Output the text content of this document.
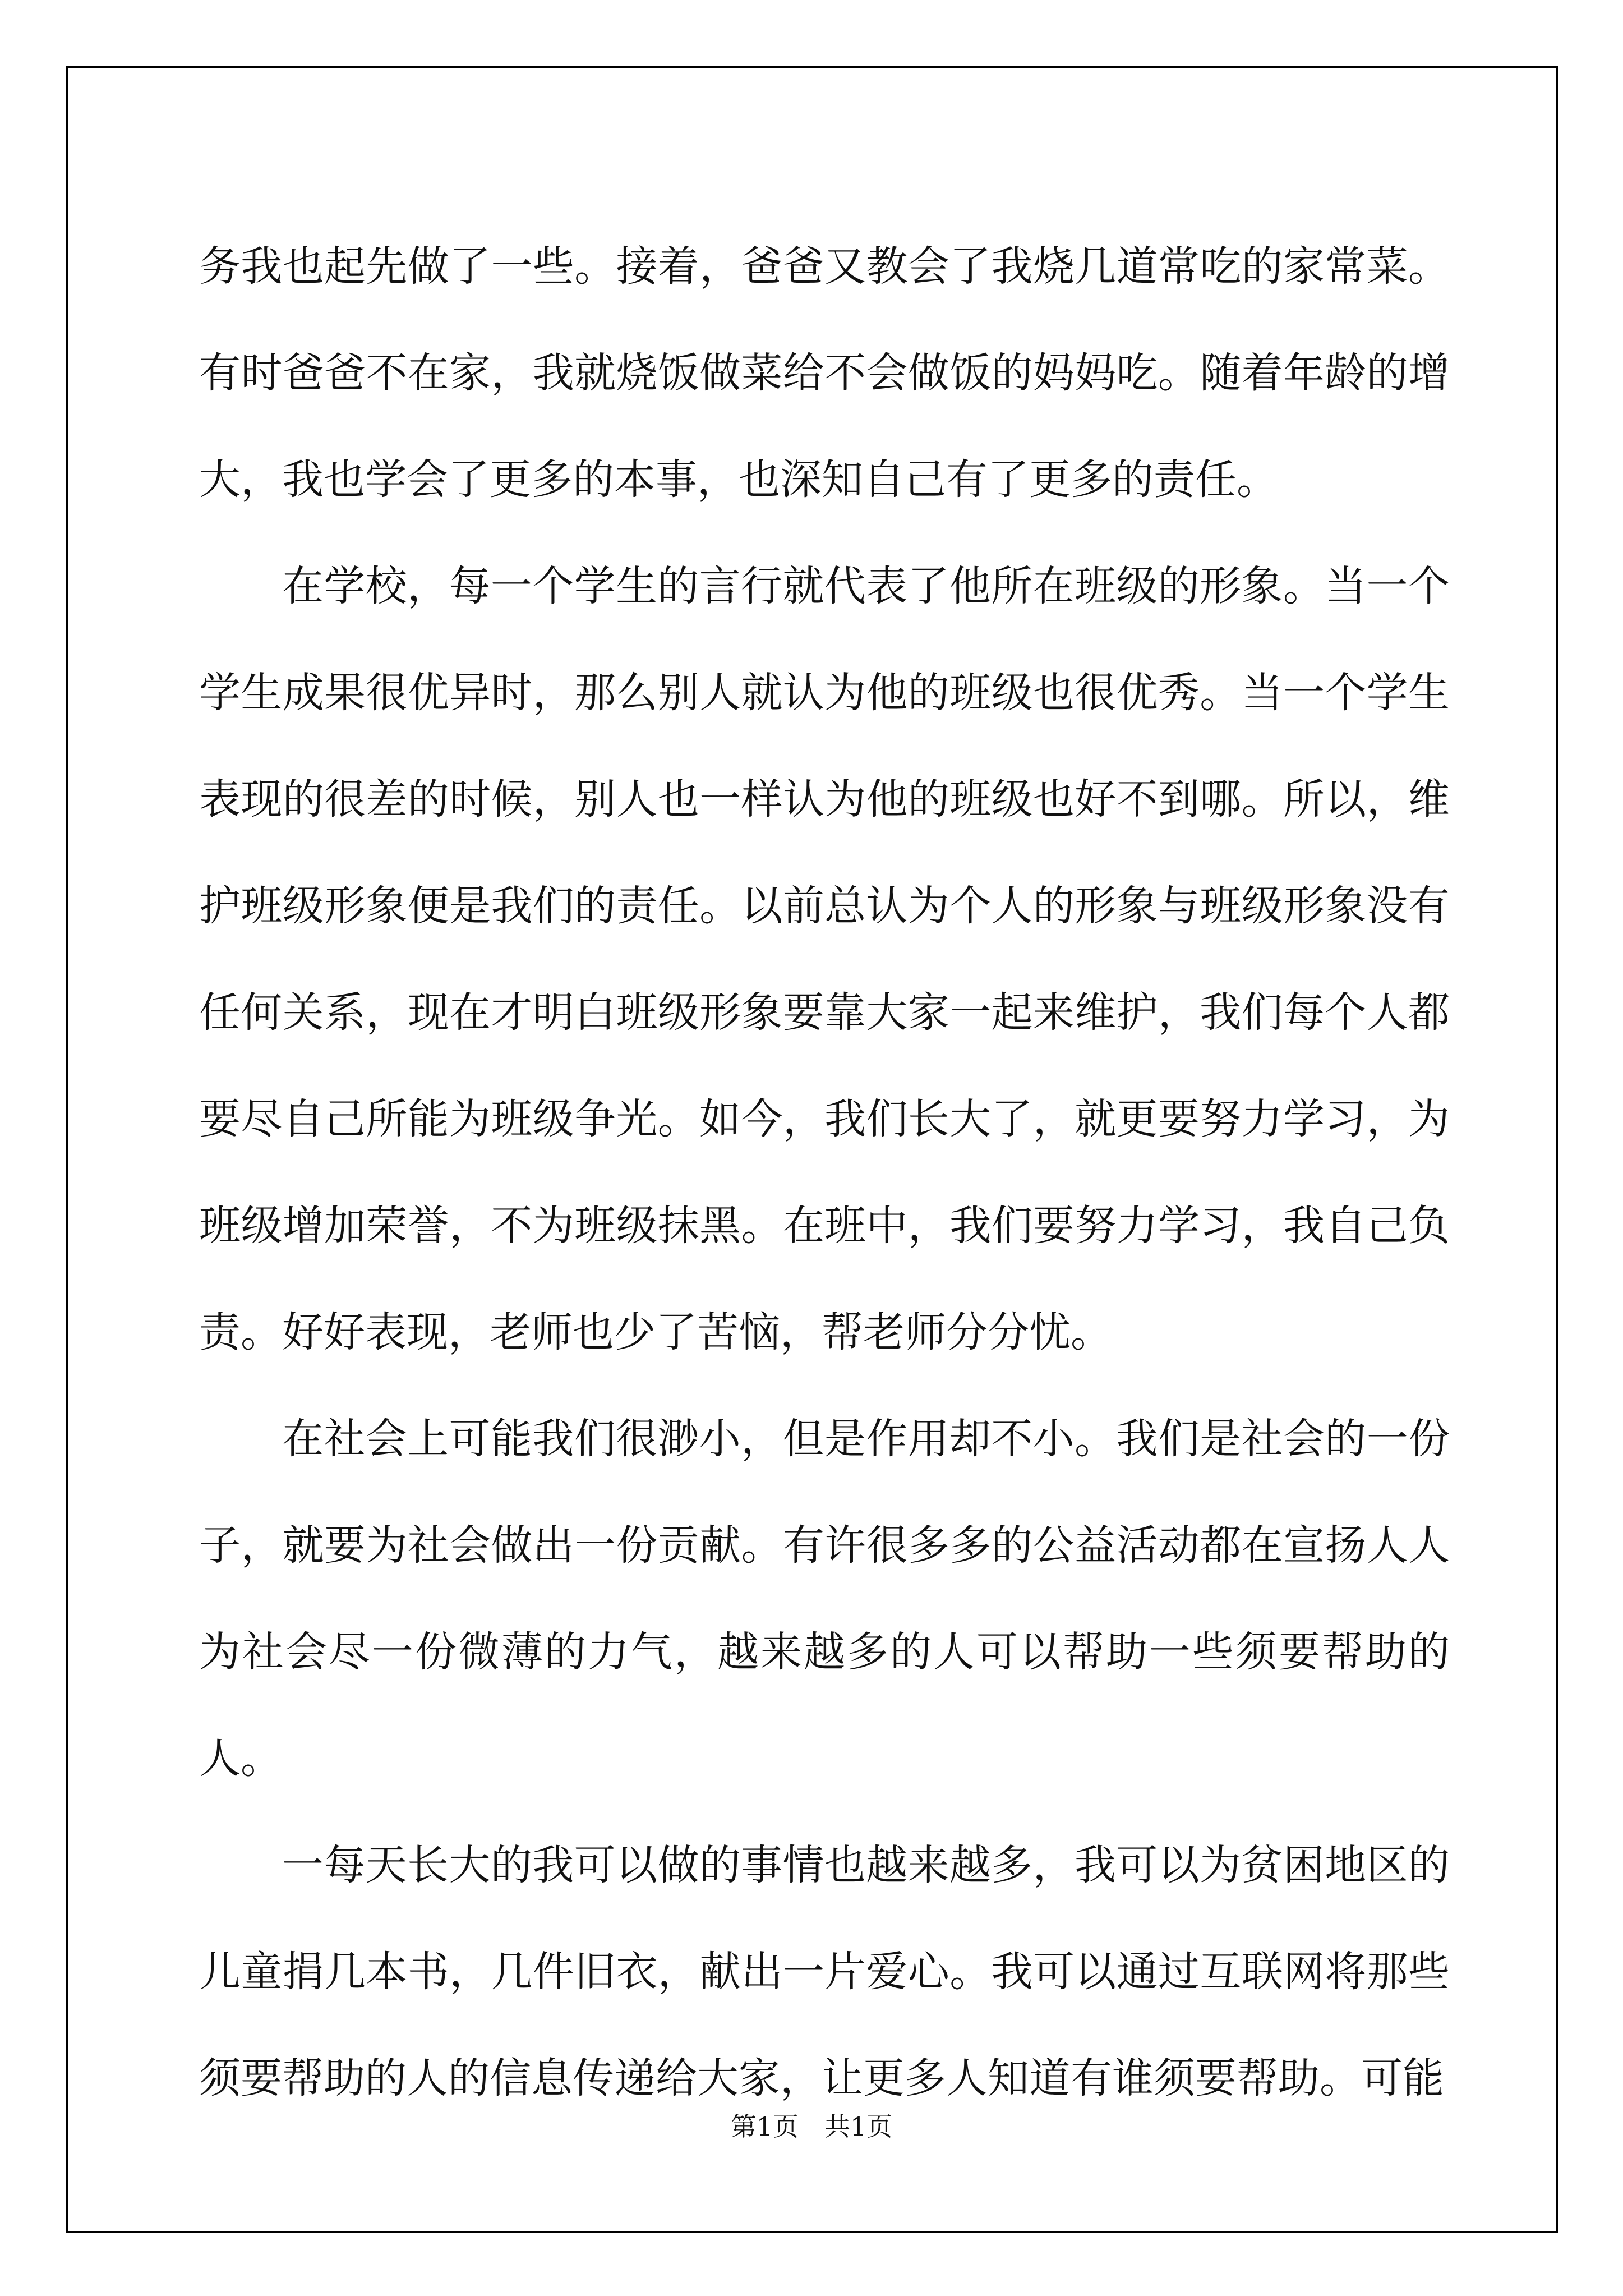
务我也起先做了一些。接着，爸爸又教会了我烧几道常吃的家常菜。有时爸爸不在家，我就烧饭做菜给不会做饭的妈妈吃。随着年龄的增大，我也学会了更多的本事，也深知自己有了更多的责任。

在学校，每一个学生的言行就代表了他所在班级的形象。当一个学生成果很优异时，那么别人就认为他的班级也很优秀。当一个学生表现的很差的时候，别人也一样认为他的班级也好不到哪。所以，维护班级形象便是我们的责任。以前总认为个人的形象与班级形象没有任何关系，现在才明白班级形象要靠大家一起来维护，我们每个人都要尽自己所能为班级争光。如今，我们长大了，就更要努力学习，为班级增加荣誉，不为班级抹黑。在班中，我们要努力学习，我自己负责。好好表现，老师也少了苦恼，帮老师分分忧。

在社会上可能我们很渺小，但是作用却不小。我们是社会的一份子，就要为社会做出一份贡献。有许很多多的公益活动都在宣扬人人为社会尽一份微薄的力气，越来越多的人可以帮助一些须要帮助的人。

一每天长大的我可以做的事情也越来越多，我可以为贫困地区的儿童捐几本书，几件旧衣，献出一片爱心。我可以通过互联网将那些须要帮助的人的信息传递给大家，让更多人知道有谁须要帮助。可能

第1页　共1页
